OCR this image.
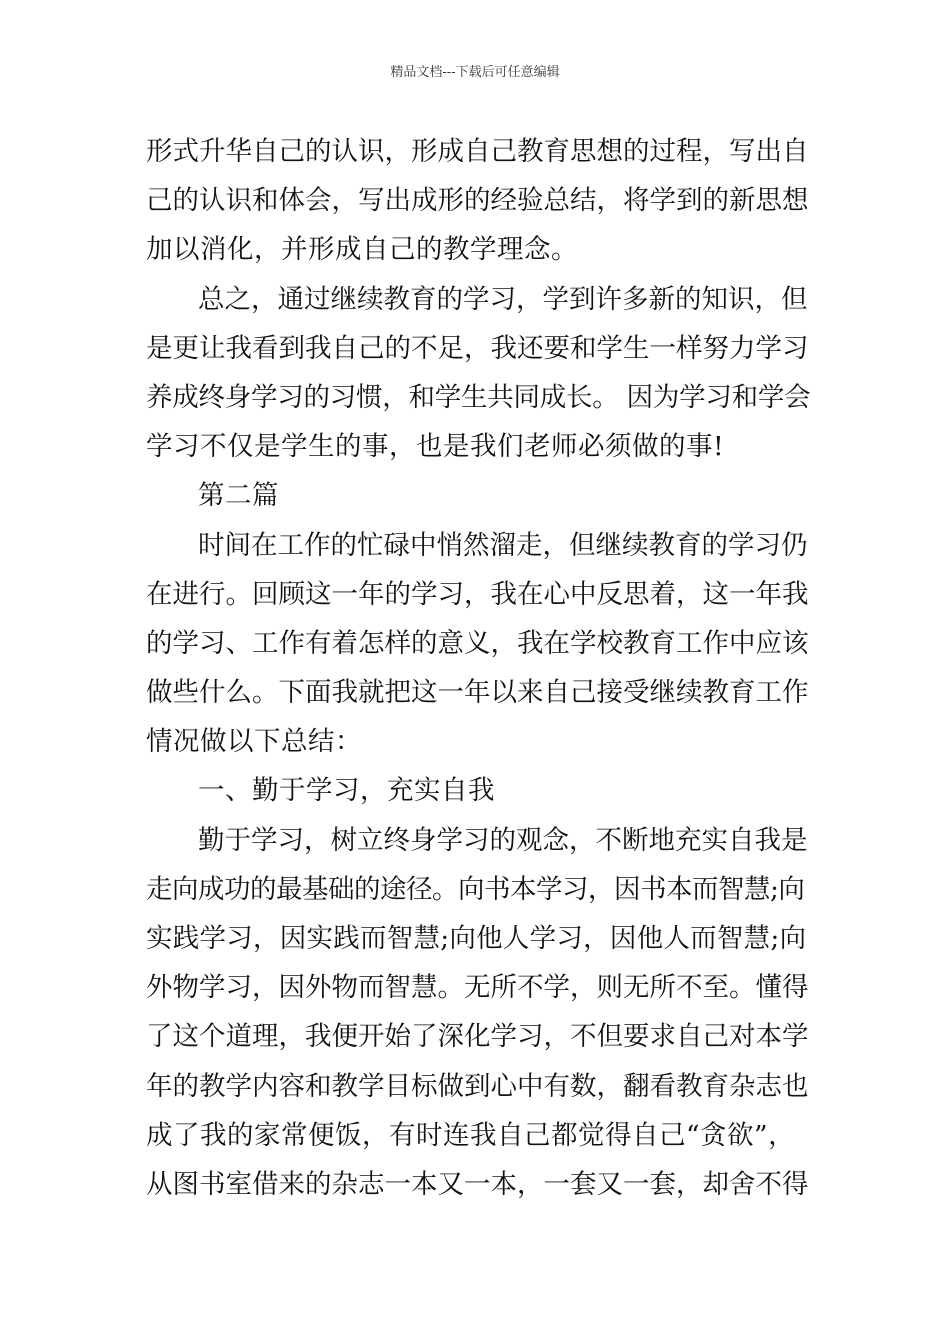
精品文档---下载后可任意编辑
形式升华自己的认识，形成自己教育思想的过程，写出自
己的认识和体会，写出成形的经验总结，将学到的新思想
加以消化，并形成自己的教学理念。
总之，通过继续教育的学习，学到许多新的知识，但
是更让我看到我自己的不足，我还要和学生一样努力学习
养成终身学习的习惯，和学生共同成长。 因为学习和学会
学习不仅是学生的事，也是我们老师必须做的事!
第二篇
时间在工作的忙碌中悄然溜走，但继续教育的学习仍
在进行。回顾这一年的学习，我在心中反思着，这一年我
的学习、工作有着怎样的意义，我在学校教育工作中应该
做些什么。下面我就把这一年以来自己接受继续教育工作
情况做以下总结：
一、勤于学习，充实自我
勤于学习，树立终身学习的观念，不断地充实自我是
走向成功的最基础的途径。向书本学习，因书本而智慧;向
实践学习，因实践而智慧;向他人学习，因他人而智慧;向
外物学习，因外物而智慧。无所不学，则无所不至。懂得
了这个道理，我便开始了深化学习，不但要求自己对本学
年的教学内容和教学目标做到心中有数，翻看教育杂志也
成了我的家常便饭，有时连我自己都觉得自己“贪欲”，
从图书室借来的杂志一本又一本，一套又一套，却舍不得
